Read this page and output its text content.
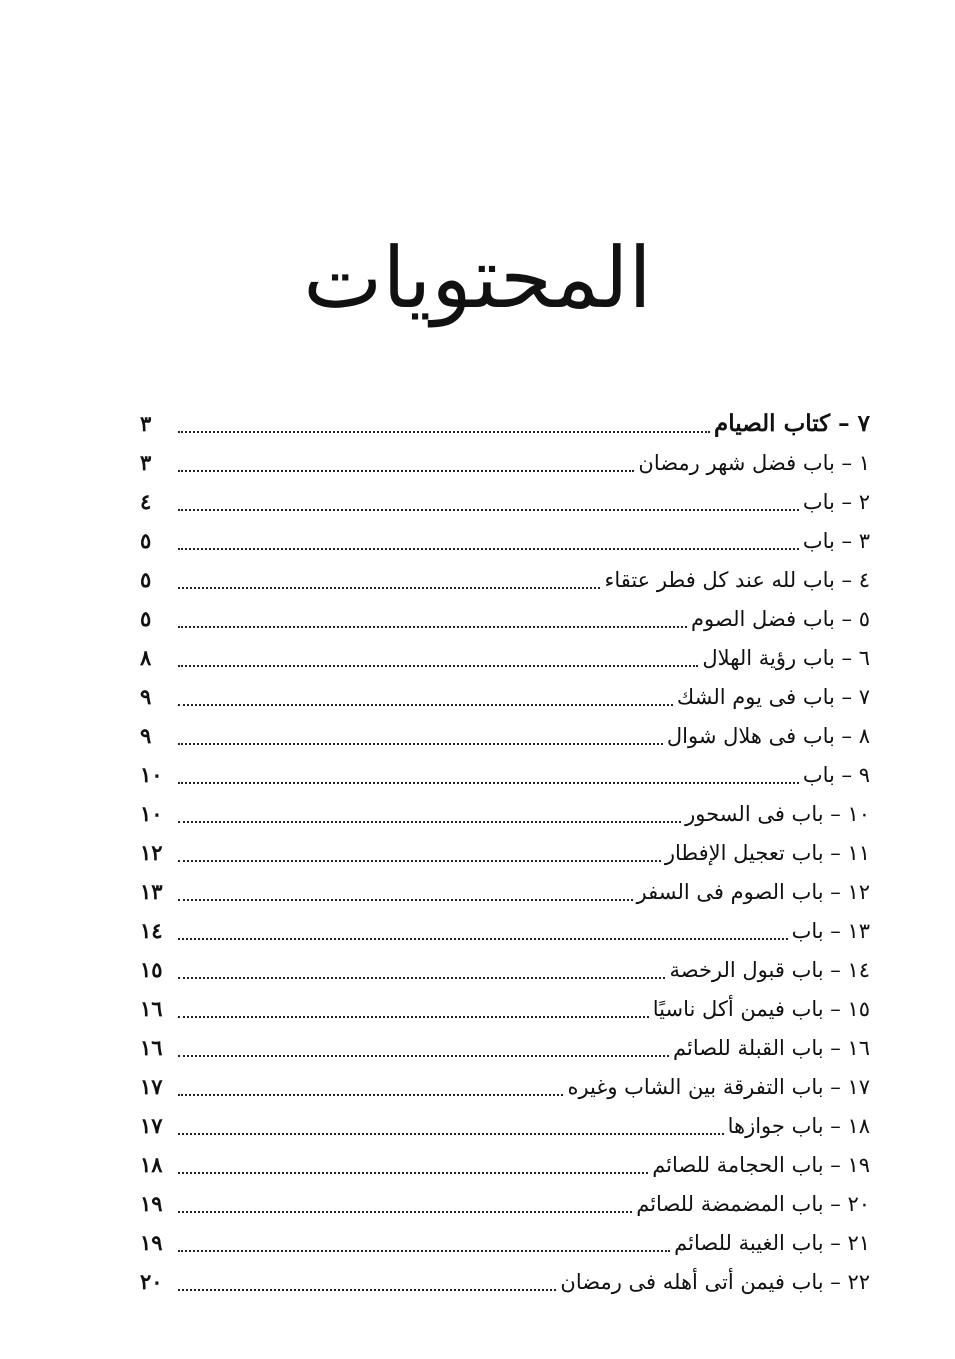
المحتويات
٧ – كتاب الصيام
٣
١ – باب فضل شهر رمضان
٣
٢ – باب
٤
٣ – باب
٥
٤ – باب لله عند كل فطر عتقاء
٥
٥ – باب فضل الصوم
٥
٦ – باب رؤية الهلال
٨
٧ – باب فى يوم الشك
٩
٨ – باب فى هلال شوال
٩
٩ – باب
١٠
١٠ – باب فى السحور
١٠
١١ – باب تعجيل الإفطار
١٢
١٢ – باب الصوم فى السفر
١٣
١٣ – باب
١٤
١٤ – باب قبول الرخصة
١٥
١٥ – باب فيمن أكل ناسيًا
١٦
١٦ – باب القبلة للصائم
١٦
١٧ – باب التفرقة بين الشاب وغيره
١٧
١٨ – باب جوازها
١٧
١٩ – باب الحجامة للصائم
١٨
٢٠ – باب المضمضة للصائم
١٩
٢١ – باب الغيبة للصائم
١٩
٢٢ – باب فيمن أتى أهله فى رمضان
٢٠
